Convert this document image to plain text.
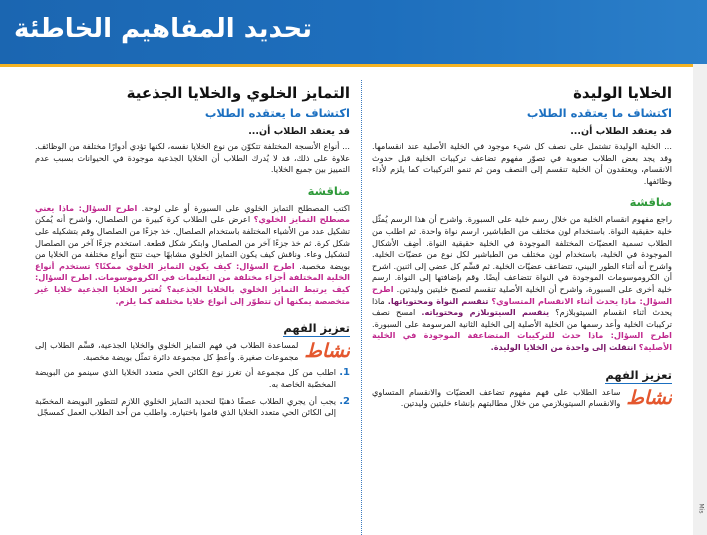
تحديد المفاهيم الخاطئة
Mis
الخلايا الوليدة
اكتشاف ما يعتقده الطلاب
قد يعتقد الطلاب أن...

... الخلية الوليدة تشتمل على نصف كل شيء موجود في الخلية الأصلية عند انقسامها. وقد يجد بعض الطلاب صعوبة في تصوّر مفهوم تضاعف تركيبات الخلية قبل حدوث الانقسام، ويعتقدون أن الخلية تنقسم إلى النصف ومن ثم تنمو التركيبات كما يلزم لأداء وظائفها.

مناقشة

راجع مفهوم انقسام الخلية من خلال رسم خلية على السبورة. واشرح أن هذا الرسم يُمثّل خلية حقيقية النواة. باستخدام لون مختلف من الطباشير، ارسم نواة واحدة. ثم اطلب من الطلاب تسمية العضيّات المختلفة الموجودة في الخلية حقيقية النواة. أضِف الأشكال الموجودة في الخلية، باستخدام لون مختلف من الطباشير لكل نوع من عضيّات الخلية. واشرح أنه أثناء الطور البيني، تتضاعف عضيّات الخلية. ثم قسِّم كل عضي إلى اثنين. اشرح أن الكروموسومات الموجودة في النواة تتضاعف أيضًا. وقم بإضافتها إلى النواة. ارسم خلية أخرى على السبورة، واشرح أن الخلية الأصلية تنقسم لتصبح خليتين وليدتين. اطرح السؤال: ماذا يحدث أثناء الانقسام المتساوي؟ تنقسم النواة ومحتوياتها. ماذا يحدث أثناء انقسام السيتوبلازم؟ ينقسم السيتوبلازم ومحتوياته. امسح نصف تركيبات الخلية وأعد رسمها من الخلية الأصلية إلى الخلية الثانية المرسومة على السبورة. اطرح السؤال: ماذا حدث للتركيبات المتضاعفة الموجودة في الخلية الأصلية؟ انتقلت إلى واحدة من الخلايا الوليدة.

تعزيز الفهم
نشاط
ساعد الطلاب على فهم مفهوم تضاعف العضيّات والانقسام المتساوي والانقسام السيتوبلازمي من خلال مطالبتهم بإنشاء خليتين وليدتين.
التمايز الخلوي والخلايا الجذعية
اكتشاف ما يعتقده الطلاب
قد يعتقد الطلاب أن...

... أنواع الأنسجة المختلفة تتكوّن من نوع الخلايا نفسه، لكنها تؤدي أدوارًا مختلفة من الوظائف. علاوة على ذلك، قد لا يُدرك الطلاب أن الخلايا الجذعية موجودة في الحيوانات بسبب عدم التمييز بين جميع الخلايا.

مناقشة

اكتب المصطلح التمايز الخلوي على السبورة أو على لوحة. اطرح السؤال: ماذا يعني مصطلح التمايز الخلوي؟ اعرض على الطلاب كرة كبيرة من الصلصال، واشرح أنه يُمكن تشكيل عدد من الأشياء المختلفة باستخدام الصلصال. خذ جزءًا من الصلصال وقم بتشكيله على شكل كرة. ثم خذ جزءًا آخر من الصلصال وابتكر شكل قطعة. استخدم جزءًا آخر من الصلصال لتشكيل وعاء. وناقش كيف يكون التمايز الخلوي مشابهًا حيث تنتج أنواع مختلفة من الخلايا من بويضة مخصبة. اطرح السؤال: كيف يكون التمايز الخلوي ممكنًا؟ تستخدم أنواع الخلية المختلفة أجزاء مختلفة من التعليمات في الكروموسومات. اطرح السؤال: كيف يرتبط التمايز الخلوي بالخلايا الجذعية؟ تُعتبر الخلايا الجذعية خلايا غير متخصصة يمكنها أن تتطوّر إلى أنواع خلايا مختلفة كما يلزم.

تعزيز الفهم
نشاط
لمساعدة الطلاب في فهم التمايز الخلوي والخلايا الجذعية، قسِّم الطلاب إلى مجموعات صغيرة. وأعطِ كل مجموعة دائرة تمثّل بويضة مخصبة.
1.
اطلب من كل مجموعة أن تغرز نوع الكائن الحي متعدد الخلايا الذي سينمو من البويضة المخصّبة الخاصة به.
2.
يجب أن يجري الطلاب عصفًا ذهنيًا لتحديد التمايز الخلوي اللازم لتتطور البويضة المخصّبة إلى الكائن الحي متعدد الخلايا الذي قاموا باختياره. واطلب من أحد الطلاب العمل كمسجّل
